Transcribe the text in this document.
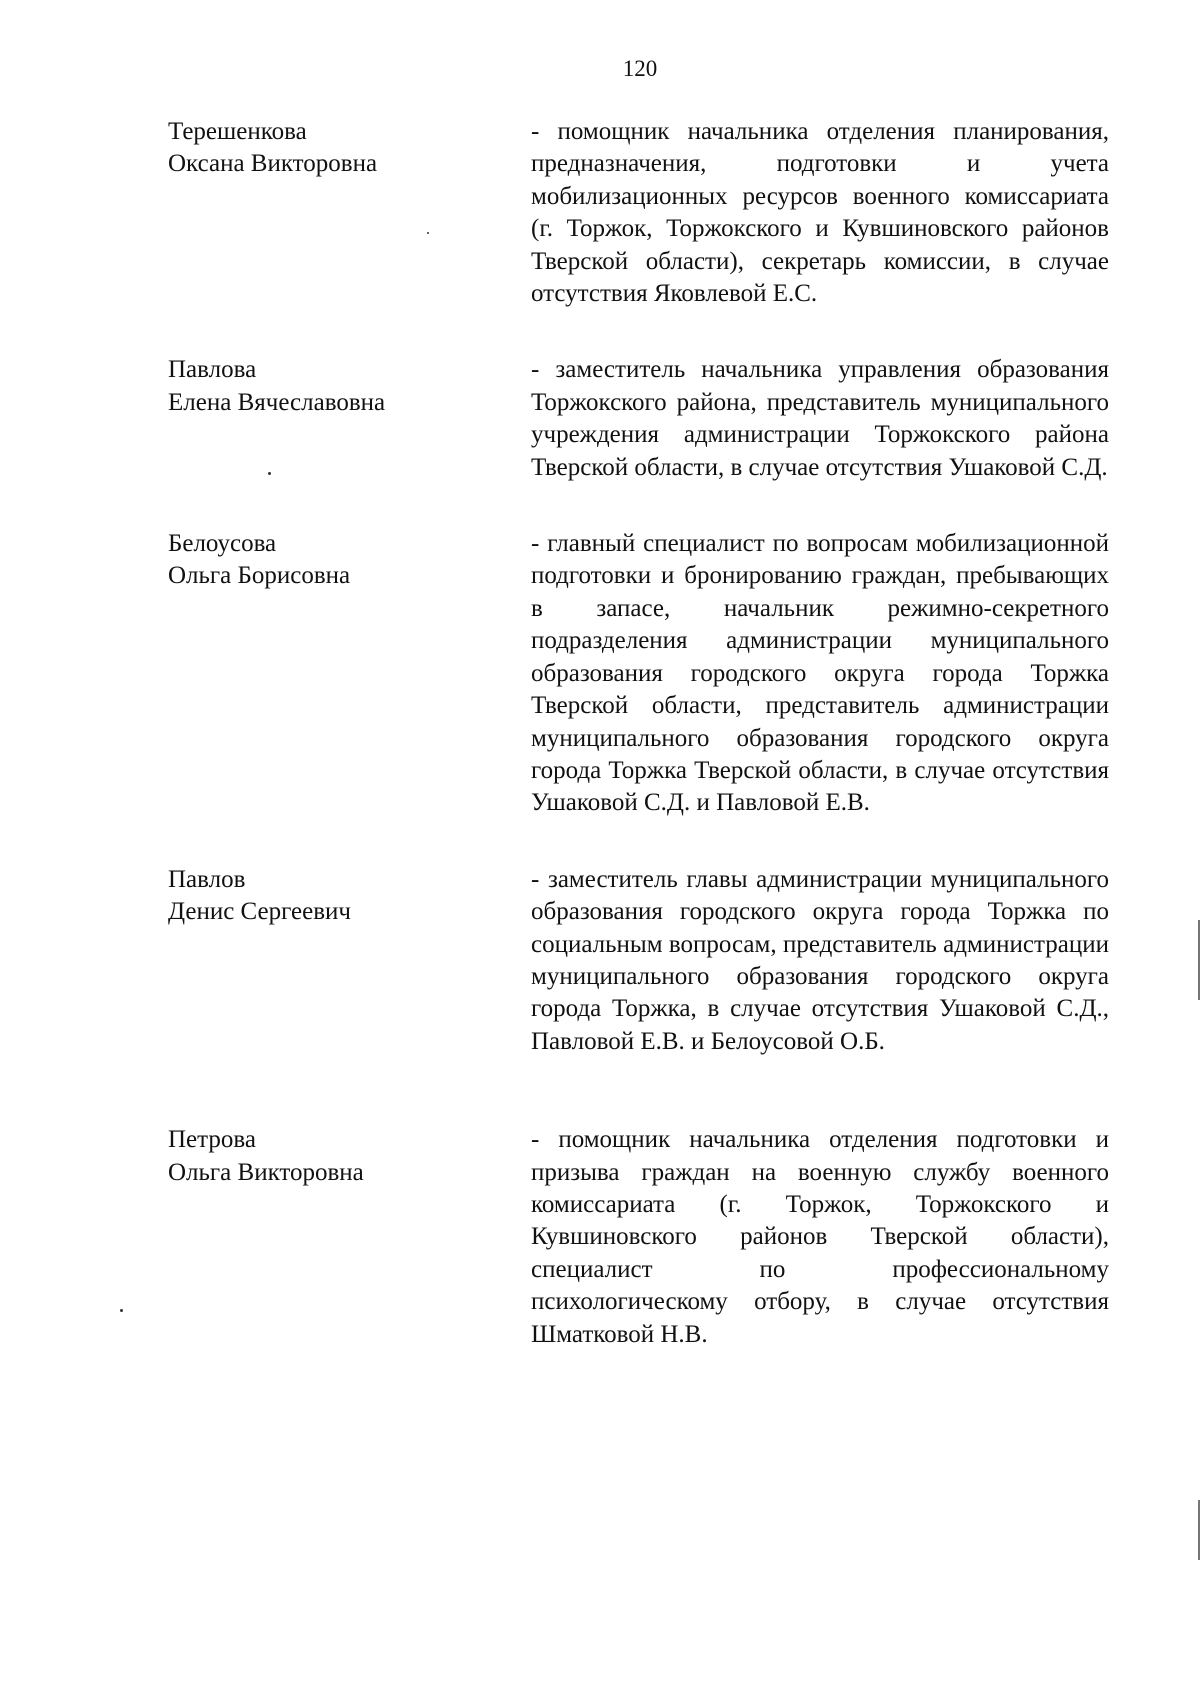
120
Терешенкова
Оксана Викторовна
- помощник начальника отделения планирования, предназначения, подготовки и учета мобилизационных ресурсов военного комиссариата (г. Торжок, Торжокского и Кувшиновского районов Тверской области), секретарь комиссии, в случае отсутствия Яковлевой Е.С.
Павлова
Елена Вячеславовна
- заместитель начальника управления образования Торжокского района, представитель муниципального учреждения администрации Торжокского района Тверской области, в случае отсутствия Ушаковой С.Д.
Белоусова
Ольга Борисовна
- главный специалист по вопросам мобилизационной подготовки и бронированию граждан, пребывающих в запасе, начальник режимно-секретного подразделения администрации муниципального образования городского округа города Торжка Тверской области, представитель администрации муниципального образования городского округа города Торжка Тверской области, в случае отсутствия Ушаковой С.Д. и Павловой Е.В.
Павлов
Денис Сергеевич
- заместитель главы администрации муниципального образования городского округа города Торжка по социальным вопросам, представитель администрации муниципального образования городского округа города Торжка, в случае отсутствия Ушаковой С.Д., Павловой Е.В. и Белоусовой О.Б.
Петрова
Ольга Викторовна
- помощник начальника отделения подготовки и призыва граждан на военную службу военного комиссариата (г. Торжок, Торжокского и Кувшиновского районов Тверской области), специалист по профессиональному психологическому отбору, в случае отсутствия Шматковой Н.В.
